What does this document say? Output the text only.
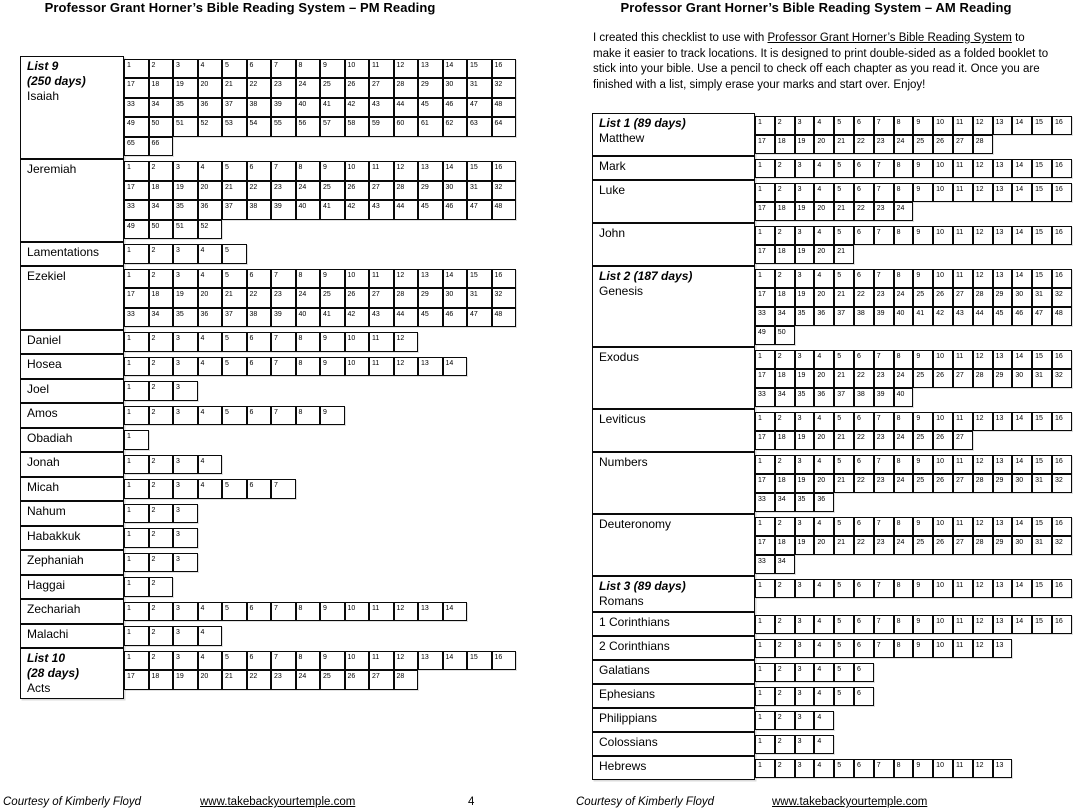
Professor Grant Horner’s Bible Reading System – PM Reading
List 9
(250 days)
Isaiah
1	2	3	4	5	6	7	8	9	10	11	12	13	14	15	16
17	18	19	20	21	22	23	24	25	26	27	28	29	30	31	32
33	34	35	36	37	38	39	40	41	42	43	44	45	46	47	48
49	50	51	52	53	54	55	56	57	58	59	60	61	62	63	64
65	66
Jeremiah	1	2	3	4	5	6	7	8	9	10	11	12	13	14	15	16
17	18	19	20	21	22	23	24	25	26	27	28	29	30	31	32
33	34	35	36	37	38	39	40	41	42	43	44	45	46	47	48
49	50	51	52
Lamentations	1	2	3	4	5
Ezekiel	1	2	3	4	5	6	7	8	9	10	11	12	13	14	15	16
17	18	19	20	21	22	23	24	25	26	27	28	29	30	31	32
33	34	35	36	37	38	39	40	41	42	43	44	45	46	47	48
Daniel	1	2	3	4	5	6	7	8	9	10	11	12
Hosea	1	2	3	4	5	6	7	8	9	10	11	12	13	14
Joel	1	2	3
Amos	1	2	3	4	5	6	7	8	9
Obadiah	1
Jonah	1	2	3	4
Micah	1	2	3	4	5	6	7
Nahum	1	2	3
Habakkuk	1	2	3
Zephaniah	1	2	3
Haggai	1	2
Zechariah	1	2	3	4	5	6	7	8	9	10	11	12	13	14
Malachi	1	2	3	4
List 10
(28 days)
Acts
1	2	3	4	5	6	7	8	9	10	11	12	13	14	15	16
17	18	19	20	21	22	23	24	25	26	27	28
Courtesy of Kimberly Floyd	www.takebackyourtemple.com	4
Professor Grant Horner’s Bible Reading System – AM Reading

I created this checklist to use with Professor Grant Horner’s Bible Reading System to make it easier to track locations. It is designed to print double-sided as a folded booklet to stick into your bible. Use a pencil to check off each chapter as you read it. Once you are finished with a list, simply erase your marks and start over. Enjoy!

List 1 (89 days)
Matthew
1	2	3	4	5	6	7	8	9	10	11	12	13	14	15	16
17	18	19	20	21	22	23	24	25	26	27	28
Mark	1	2	3	4	5	6	7	8	9	10	11	12	13	14	15	16
Luke	1	2	3	4	5	6	7	8	9	10	11	12	13	14	15	16
17	18	19	20	21	22	23	24
John	1	2	3	4	5	6	7	8	9	10	11	12	13	14	15	16
17	18	19	20	21
List 2 (187 days)
Genesis
1	2	3	4	5	6	7	8	9	10	11	12	13	14	15	16
17	18	19	20	21	22	23	24	25	26	27	28	29	30	31	32
33	34	35	36	37	38	39	40	41	42	43	44	45	46	47	48
49	50
Exodus	1	2	3	4	5	6	7	8	9	10	11	12	13	14	15	16
17	18	19	20	21	22	23	24	25	26	27	28	29	30	31	32
33	34	35	36	37	38	39	40
Leviticus	1	2	3	4	5	6	7	8	9	10	11	12	13	14	15	16
17	18	19	20	21	22	23	24	25	26	27
Numbers	1	2	3	4	5	6	7	8	9	10	11	12	13	14	15	16
17	18	19	20	21	22	23	24	25	26	27	28	29	30	31	32
33	34	35	36
Deuteronomy	1	2	3	4	5	6	7	8	9	10	11	12	13	14	15	16
17	18	19	20	21	22	23	24	25	26	27	28	29	30	31	32
33	34
List 3 (89 days)
Romans
1	2	3	4	5	6	7	8	9	10	11	12	13	14	15	16
1 Corinthians	1	2	3	4	5	6	7	8	9	10	11	12	13	14	15	16
2 Corinthians	1	2	3	4	5	6	7	8	9	10	11	12	13
Galatians	1	2	3	4	5	6
Ephesians	1	2	3	4	5	6
Philippians	1	2	3	4
Colossians	1	2	3	4
Hebrews	1	2	3	4	5	6	7	8	9	10	11	12	13
Courtesy of Kimberly Floyd	www.takebackyourtemple.com
